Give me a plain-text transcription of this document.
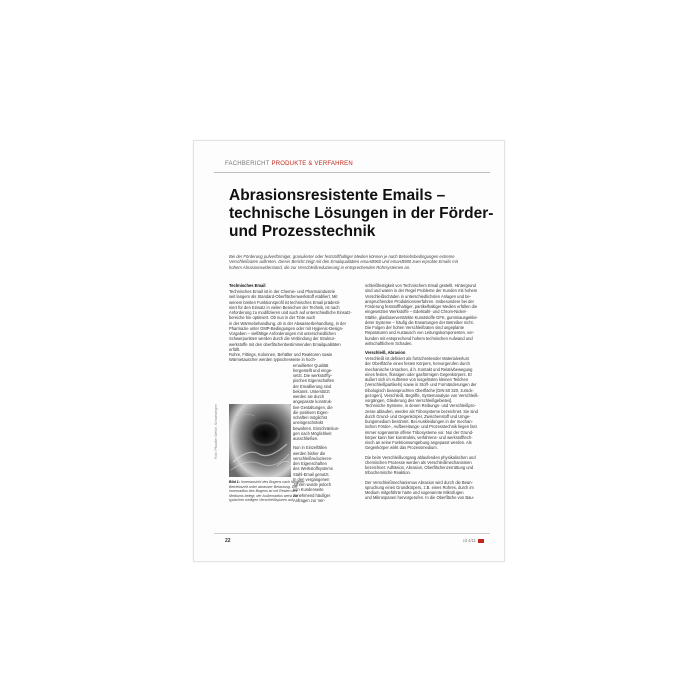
FACHBERICHT PRODUKTE & VERFAHREN
Abrasionsresistente Emails –
technische Lösungen in der Förder-
und Prozesstechnik
Bei der Förderung pulverförmiger, granulierter oder feststoffhaltiger Medien können je nach Betriebsbedingungen extreme
Verschleißraten auftreten. Dieser Bericht zeigt mit den Emailqualitäten emaAB960 und emaAB980 zwei erprobte Emails mit
hohem Abrasionswiderstand, die zur Verschleißreduzierung in entsprechenden Rohrsystemen an.
Technisches Email
Technisches Email ist in der Chemie- und Pharmaindustrie
seit langem als Standard-Oberflächenwerkstoff etabliert. Mit
seinem breiten Funktionsprofil ist technisches Email prädesti-
niert für den Einsatz in vielen Bereichen der Technik, ist nach
Anforderung zu modifizieren und auch auf unterschiedliche Einsatz-
bereiche hin optimiert. Ob nun in der Tinte auch
in der Wärmebehandlung, ob in der Abwasserbehandlung, in der
Pharmazie unter GMP-Bedingungen oder mit Hygienic-Design-
Vorgaben – vielfältige Anforderungen mit unterschiedlichen
Schwerpunkten werden durch die Verbindung der Struktur-
werkstoffe mit den oberflächenbestimmenden Emailqualitäten
erfüllt.
Rohre, Fittings, Kolonnen, Behälter und Reaktoren sowie
Wärmetauscher werden typischerweise in hoch-
emaillierter Qualität
hergestellt und einge-
setzt. Die werkstoffty-
pischen Eigenschaften
der Emaillierung sind
bekannt. Unterstützt
werden sie durch
angepasste konstruk-
tive Gestaltungen, die
die positiven Eigen-
schaften möglichst
uneingeschränkt
bewahren. Einschränkun-
gen nach Möglichkeit
ausschließen.
Nun in Einzelfällen
werden bisher die
verschleißreduzieren-
den Eigenschaften
des Werkstoffsystems
Stahl-Email genutzt.
In den vergangenen
Jahren wurde jedoch
von Kundenseite
zunehmend häufiger
Anfragen zur Ver-
Foto: Pfaudler Werke, Schwetzingen
Bild 1: Innenansicht des Bogens nach längerer
Betriebszeit unter abrasiver Belastung. Der
Innenradius des Bogens ist mit Resten des
Mediums belegt, der Außenradius weist die
typischen welligen Verschleißspuren auf
schleißfestigkeit von Technischem Email gestellt. Hintergrund
sind und waren in der Regel Probleme der Kunden mit hohem
Verschleißschäden in unterschiedlichsten Anlagen und be-
anspruchenden Produktionsverfahren. Insbesondere bei der
Förderung feststoffhaltiger, partikelhaltiger Medien erfüllen die
eingesetzten Werkstoffe – Edelstahl- und Chrom-Nickel-
Stähle, glasfaserverstärkte Kunststoffe GFK, gummiausgeklei-
deter Systeme – häufig die Erwartungen der Betreiber nicht.
Die Folgen der hohen Verschleißraten sind ungeplante
Reparaturen und Austausch von Leitungskomponenten, ver-
bunden mit entsprechend hohem technischen Aufwand und
wirtschaftlichem Schaden.
Verschleiß, Abrasion
Verschleiß ist definiert als fortschreitender Materialverlust
der Oberfläche eines festen Körpers, hervorgerufen durch
mechanische Ursachen, d.h. Kontakt und Relativbewegung
eines festen, flüssigen oder gasförmigen Gegenkörpers. Er
äußert sich im Auftreten von losgelösten kleinen Teilchen
(Verschleißpartikeln) sowie in Stoff- und Formänderungen der
tribologisch beanspruchten Oberfläche [DIN 50 320, zurück-
gezogen]. Verschleiß, Begriffe, Systemanalyse von Verschleiß-
vorgängen, Gliederung des Verschleißgebietes].
Technische Systeme, in denen Reibungs- und Verschleißpro-
zesse ablaufen, werden als Tribosysteme bezeichnet. Sie sind
durch Grund- und Gegenkörper, Zwischenstoff und Umge-
bungsmedium bestimmt. Bei Auskleidungen in der mechan-
ischen Förder-, Aufbereitungs- und Prozesstechnik liegen fast
immer sogenannte offene Tribosysteme vor. Nur der Grund-
körper kann hier konstruktiv, verfahrens- und werkstofftech-
nisch an seine Funktionsumgebung angepasst werden. Als
Gegenkörper wirkt das Prozessmedium.
Die beim Verschleißvorgang ablaufenden physikalischen und
chemischen Prozesse werden als Verschleißmechanismen
bezeichnet: Adhäsion, Abrasion, Oberflächenzerrüttung und
tribochemische Reaktion.
Der Verschleißmechanismus Abrasion wird durch die Bean-
spruchung eines Grundkörpers, z.B. eines Rohres, durch im
Medium mitgeführte harte und sogenannte Mikrofugen
und Mikrospanen hervorgerufen. In die Oberfläche von Bau-
22	cit 4/11
